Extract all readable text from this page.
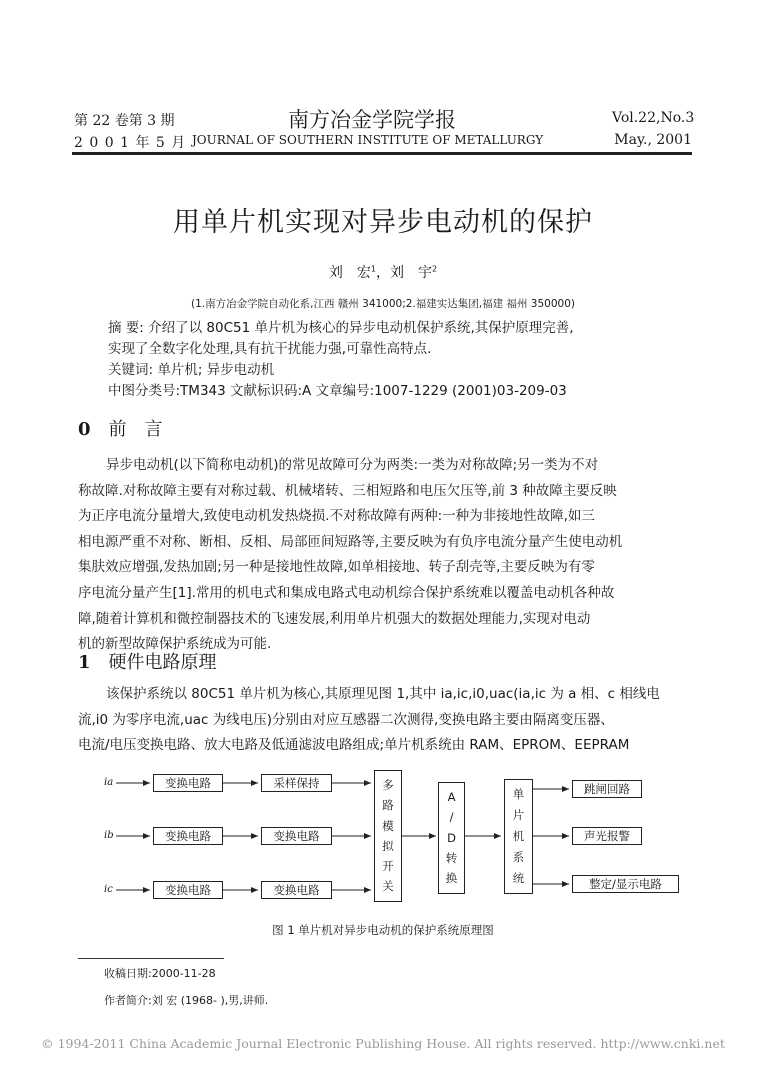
第 22 卷第 3 期
2 0 0 1 年 5 月
南方冶金学院学报
JOURNAL OF SOUTHERN INSTITUTE OF METALLURGY
Vol.22,No.3
May., 2001
用单片机实现对异步电动机的保护
刘　宏$^1$，刘　宇$^2$
(1.南方冶金学院自动化系,江西 赣州 341000;2.福建实达集团,福建 福州 350000)
摘 要: 介绍了以 80C51 单片机为核心的异步电动机保护系统,其保护原理完善,
实现了全数字化处理,具有抗干扰能力强,可靠性高特点.
关键词: 单片机; 异步电动机
中图分类号:TM343 文献标识码:A 文章编号:1007-1229 (2001)03-209-03
0 前　言
异步电动机(以下简称电动机)的常见故障可分为两类:一类为对称故障;另一类为不对
称故障.对称故障主要有对称过载、机械堵转、三相短路和电压欠压等,前 3 种故障主要反映
为正序电流分量增大,致使电动机发热烧损.不对称故障有两种:一种为非接地性故障,如三
相电源严重不对称、断相、反相、局部匝间短路等,主要反映为有负序电流分量产生使电动机
集肤效应增强,发热加剧;另一种是接地性故障,如单相接地、转子刮壳等,主要反映为有零
序电流分量产生[1].常用的机电式和集成电路式电动机综合保护系统难以覆盖电动机各种故
障,随着计算机和微控制器技术的飞速发展,利用单片机强大的数据处理能力,实现对电动
机的新型故障保护系统成为可能.
1 硬件电路原理
该保护系统以 80C51 单片机为核心,其原理见图 1,其中 ia,ic,i0,uac(ia,ic 为 a 相、c 相线电
流,i0 为零序电流,uac 为线电压)分别由对应互感器二次测得,变换电路主要由隔离变压器、
电流/电压变换电路、放大电路及低通滤波电路组成;单片机系统由 RAM、EPROM、EEPRAM
ia
ib
ic
变换电路	采样保持
变换电路	变换电路
变换电路	变换电路
多
路
模
拟
开
关
A
/
D
转
换
单
片
机
系
统
跳闸回路
声光报警
整定/显示电路
图 1 单片机对异步电动机的保护系统原理图
收稿日期:2000-11-28
作者简介:刘 宏 (1968- ),男,讲师.
© 1994-2011 China Academic Journal Electronic Publishing House. All rights reserved. http://www.cnki.net
